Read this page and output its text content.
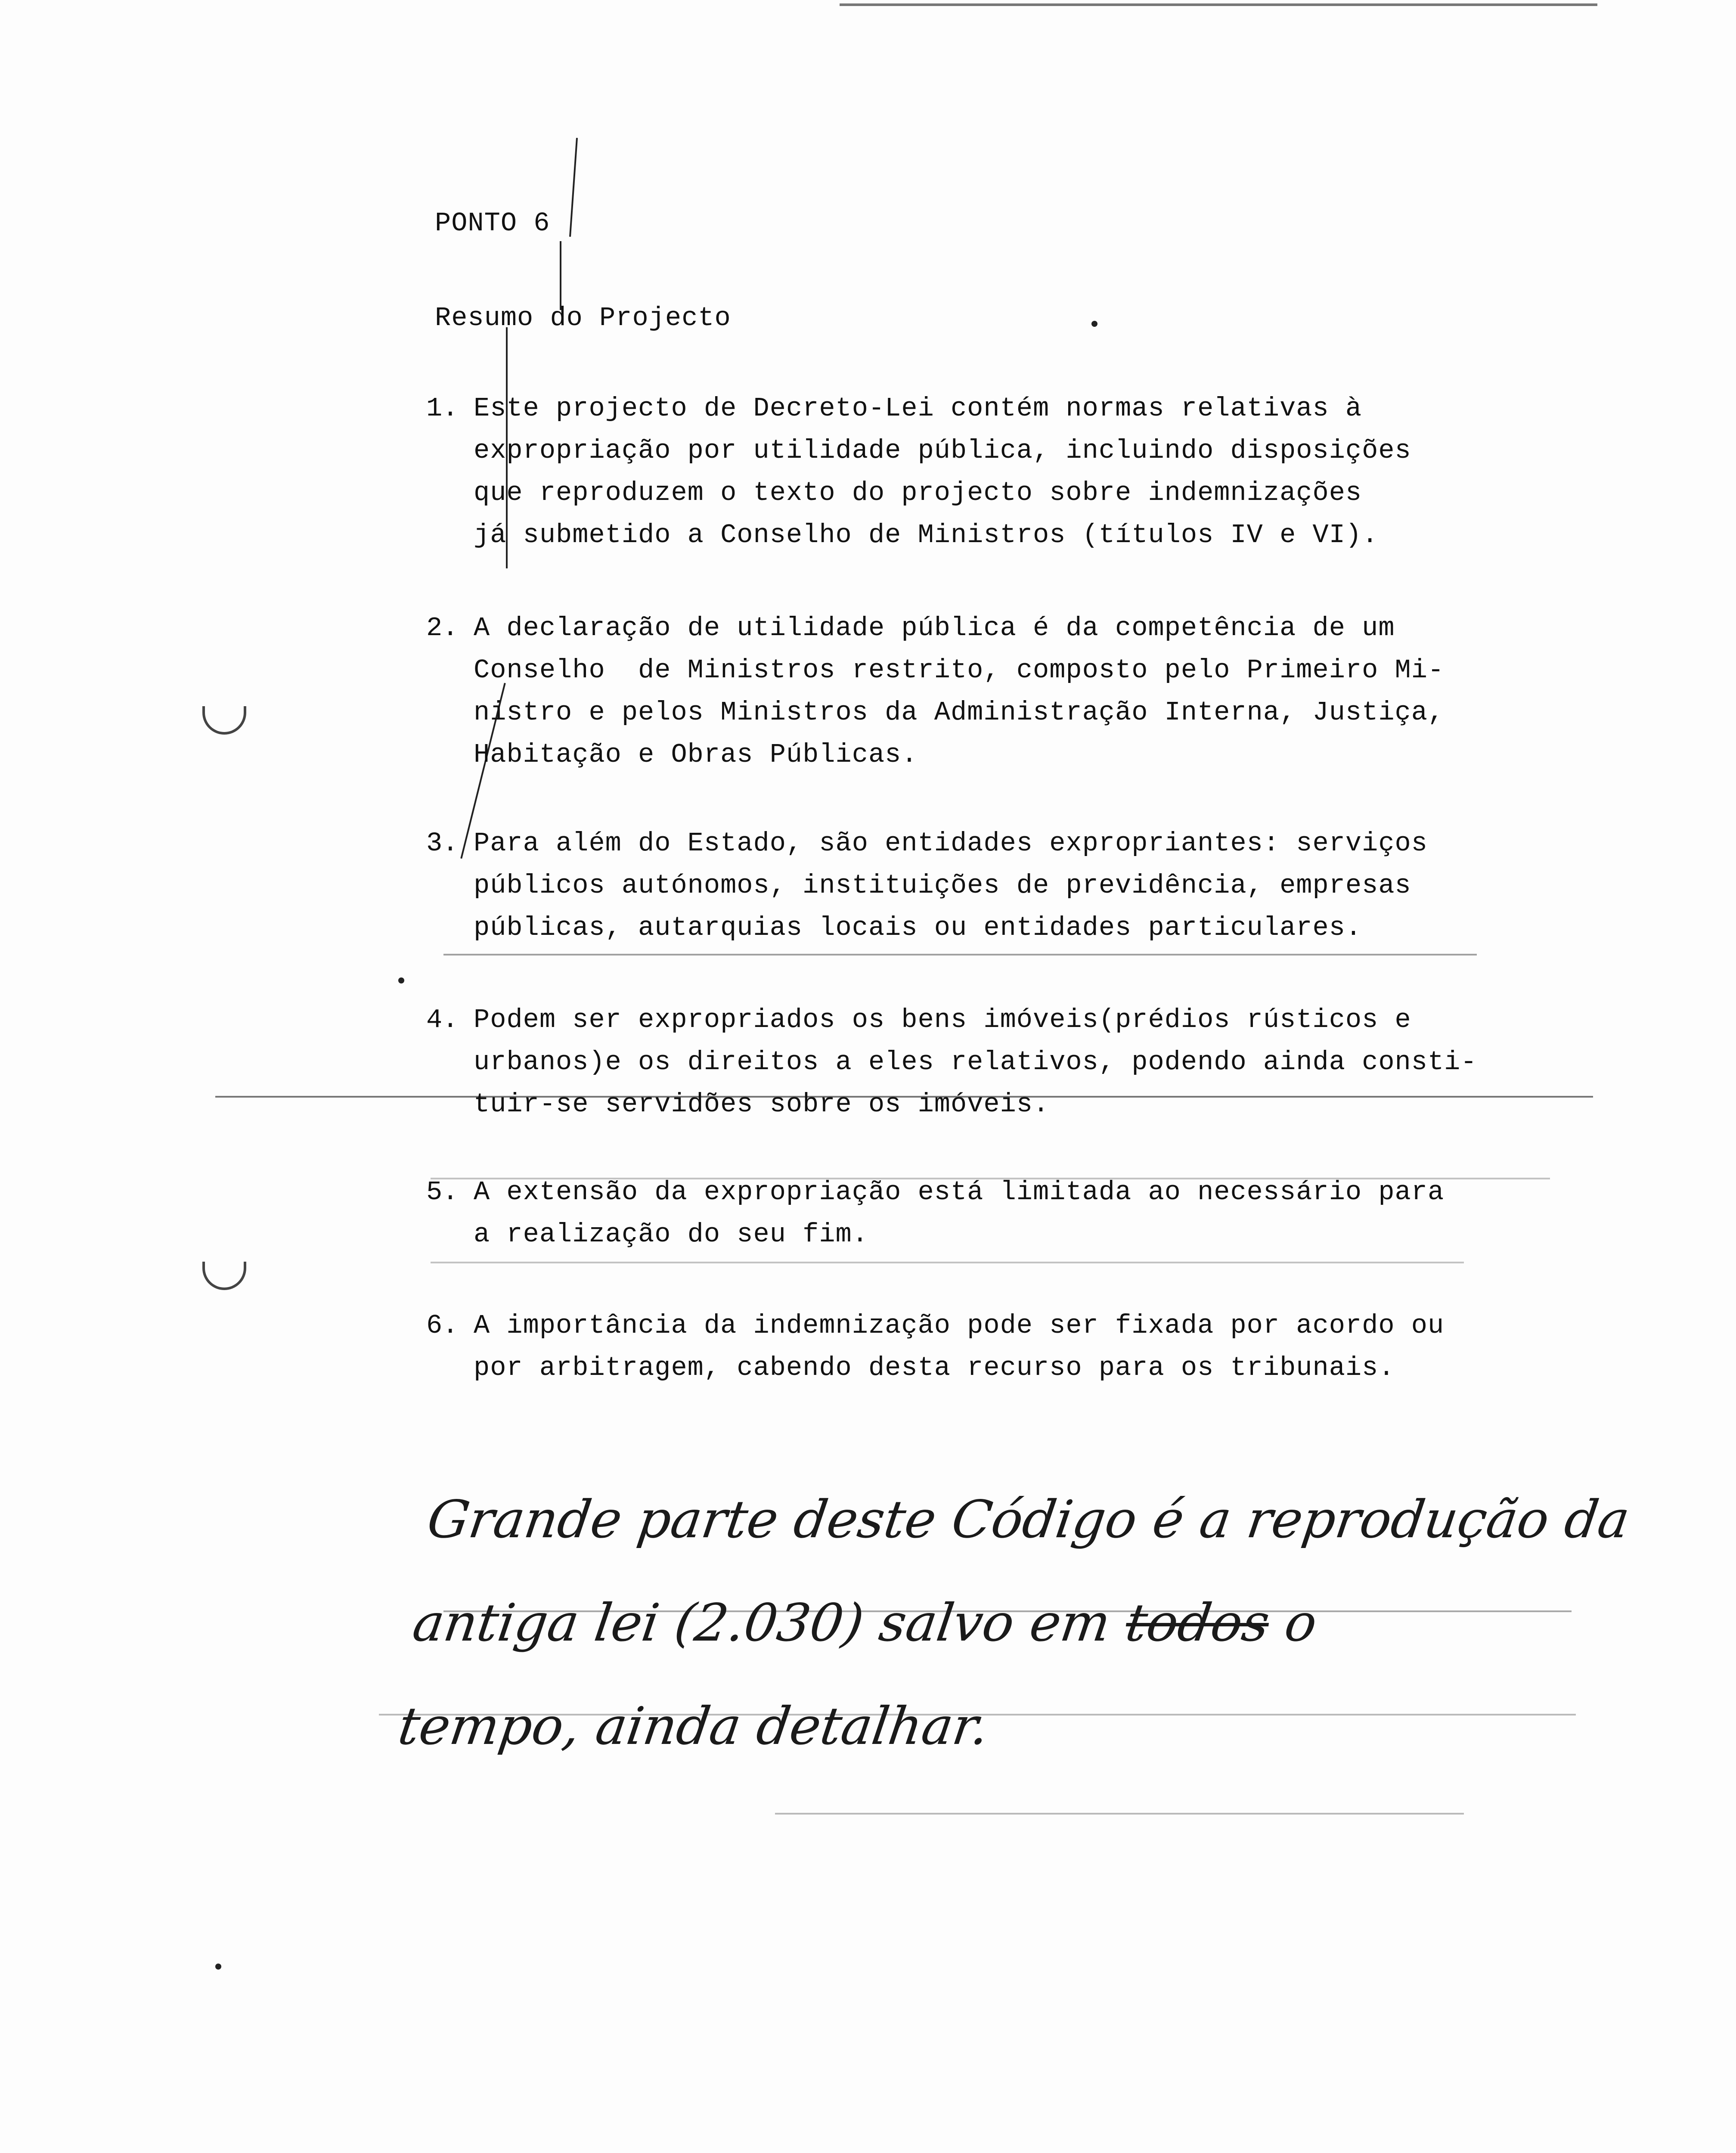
PONTO 6
Resumo do Projecto
1. Este projecto de Decreto-Lei contém normas relativas à
expropriação por utilidade pública, incluindo disposições
que reproduzem o texto do projecto sobre indemnizações
já submetido a Conselho de Ministros (títulos IV e VI).
2. A declaração de utilidade pública é da competência de um
Conselho  de Ministros restrito, composto pelo Primeiro Mi-
nistro e pelos Ministros da Administração Interna, Justiça,
Habitação e Obras Públicas.
3. Para além do Estado, são entidades expropriantes: serviços
públicos autónomos, instituições de previdência, empresas
públicas, autarquias locais ou entidades particulares.
4. Podem ser expropriados os bens imóveis(prédios rústicos e
urbanos)e os direitos a eles relativos, podendo ainda consti-
tuir-se servidões sobre os imóveis.
5. A extensão da expropriação está limitada ao necessário para
a realização do seu fim.
6. A importância da indemnização pode ser fixada por acordo ou
por arbitragem, cabendo desta recurso para os tribunais.
Grande parte deste Código é a reprodução da
antiga lei (2.030) salvo em todos o
tempo, ainda detalhar.
